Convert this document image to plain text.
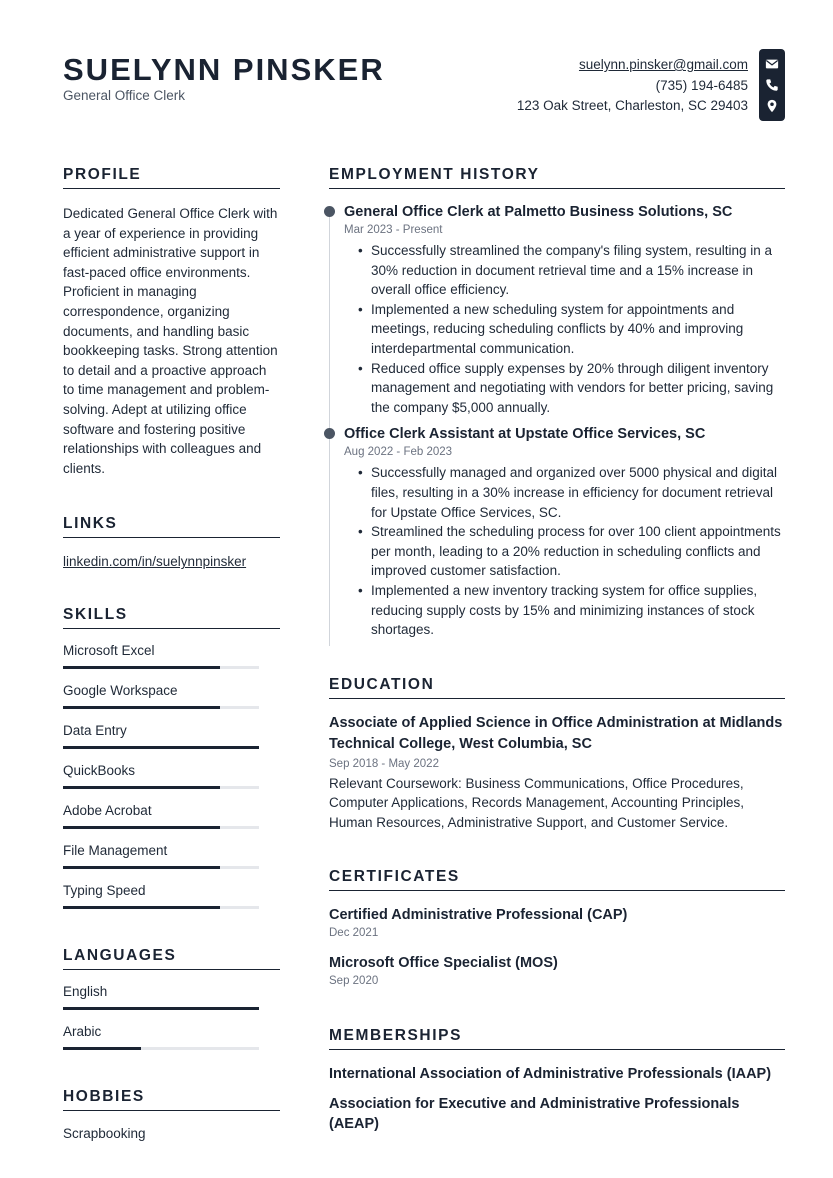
SUELYNN PINSKER
General Office Clerk
suelynn.pinsker@gmail.com
(735) 194-6485
123 Oak Street, Charleston, SC 29403
PROFILE
Dedicated General Office Clerk with a year of experience in providing efficient administrative support in fast-paced office environments. Proficient in managing correspondence, organizing documents, and handling basic bookkeeping tasks. Strong attention to detail and a proactive approach to time management and problem-solving. Adept at utilizing office software and fostering positive relationships with colleagues and clients.
LINKS
linkedin.com/in/suelynnpinsker
SKILLS
Microsoft Excel
Google Workspace
Data Entry
QuickBooks
Adobe Acrobat
File Management
Typing Speed
LANGUAGES
English
Arabic
HOBBIES
Scrapbooking
EMPLOYMENT HISTORY
General Office Clerk at Palmetto Business Solutions, SC
Mar 2023 - Present
• Successfully streamlined the company's filing system, resulting in a 30% reduction in document retrieval time and a 15% increase in overall office efficiency.
• Implemented a new scheduling system for appointments and meetings, reducing scheduling conflicts by 40% and improving interdepartmental communication.
• Reduced office supply expenses by 20% through diligent inventory management and negotiating with vendors for better pricing, saving the company $5,000 annually.
Office Clerk Assistant at Upstate Office Services, SC
Aug 2022 - Feb 2023
• Successfully managed and organized over 5000 physical and digital files, resulting in a 30% increase in efficiency for document retrieval for Upstate Office Services, SC.
• Streamlined the scheduling process for over 100 client appointments per month, leading to a 20% reduction in scheduling conflicts and improved customer satisfaction.
• Implemented a new inventory tracking system for office supplies, reducing supply costs by 15% and minimizing instances of stock shortages.
EDUCATION
Associate of Applied Science in Office Administration at Midlands Technical College, West Columbia, SC
Sep 2018 - May 2022
Relevant Coursework: Business Communications, Office Procedures, Computer Applications, Records Management, Accounting Principles, Human Resources, Administrative Support, and Customer Service.
CERTIFICATES
Certified Administrative Professional (CAP)
Dec 2021
Microsoft Office Specialist (MOS)
Sep 2020
MEMBERSHIPS
International Association of Administrative Professionals (IAAP)
Association for Executive and Administrative Professionals (AEAP)
